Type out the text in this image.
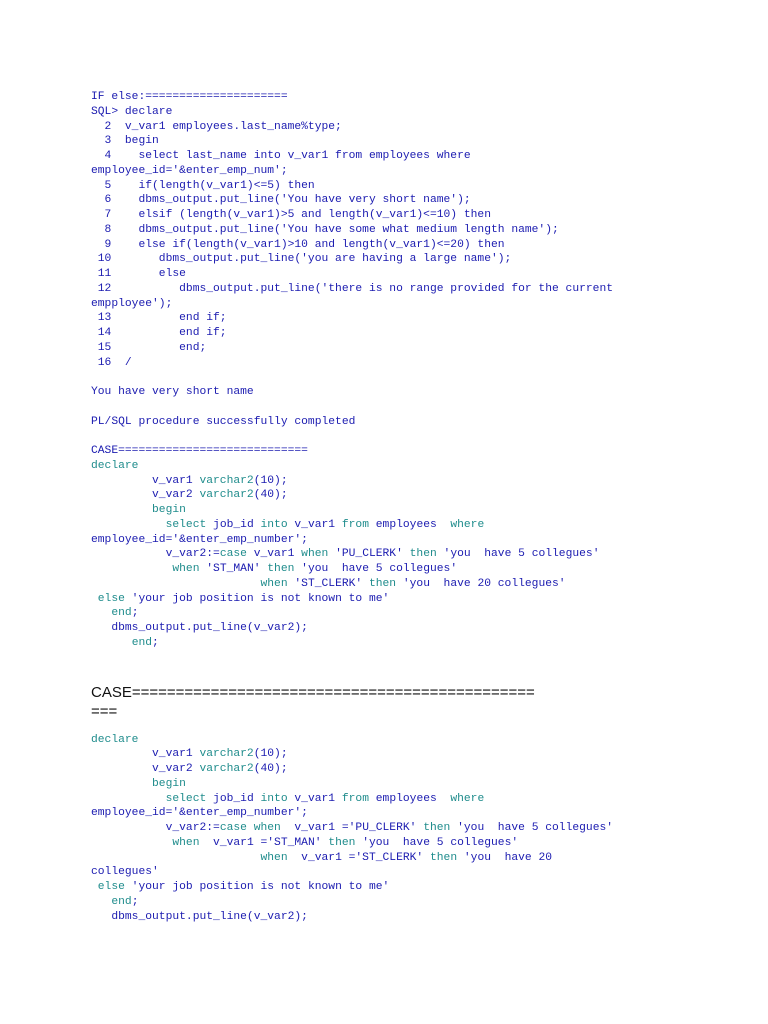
IF else:=====================
SQL> declare
2  v_var1 employees.last_name%type;
3  begin
4    select last_name into v_var1 from employees where
employee_id='&enter_emp_num';
5    if(length(v_var1)<=5) then
6    dbms_output.put_line('You have very short name');
7    elsif (length(v_var1)>5 and length(v_var1)<=10) then
8    dbms_output.put_line('You have some what medium length name');
9    else if(length(v_var1)>10 and length(v_var1)<=20) then
10       dbms_output.put_line('you are having a large name');
11       else
12          dbms_output.put_line('there is no range provided for the current
empployee');
13          end if;
14          end if;
15          end;
16  /
You have very short name
PL/SQL procedure successfully completed
CASE============================
declare
v_var1 varchar2(10);
v_var2 varchar2(40);
begin
select job_id into v_var1 from employees  where
employee_id='&enter_emp_number';
v_var2:=case v_var1 when 'PU_CLERK' then 'you  have 5 collegues'
when 'ST_MAN' then 'you  have 5 collegues'
when 'ST_CLERK' then 'you  have 20 collegues'
else 'your job position is not known to me'
end;
dbms_output.put_line(v_var2);
end;
CASE==============================================
===
declare
v_var1 varchar2(10);
v_var2 varchar2(40);
begin
select job_id into v_var1 from employees  where
employee_id='&enter_emp_number';
v_var2:=case when  v_var1 ='PU_CLERK' then 'you  have 5 collegues'
when  v_var1 ='ST_MAN' then 'you  have 5 collegues'
when  v_var1 ='ST_CLERK' then 'you  have 20
collegues'
else 'your job position is not known to me'
end;
dbms_output.put_line(v_var2);
